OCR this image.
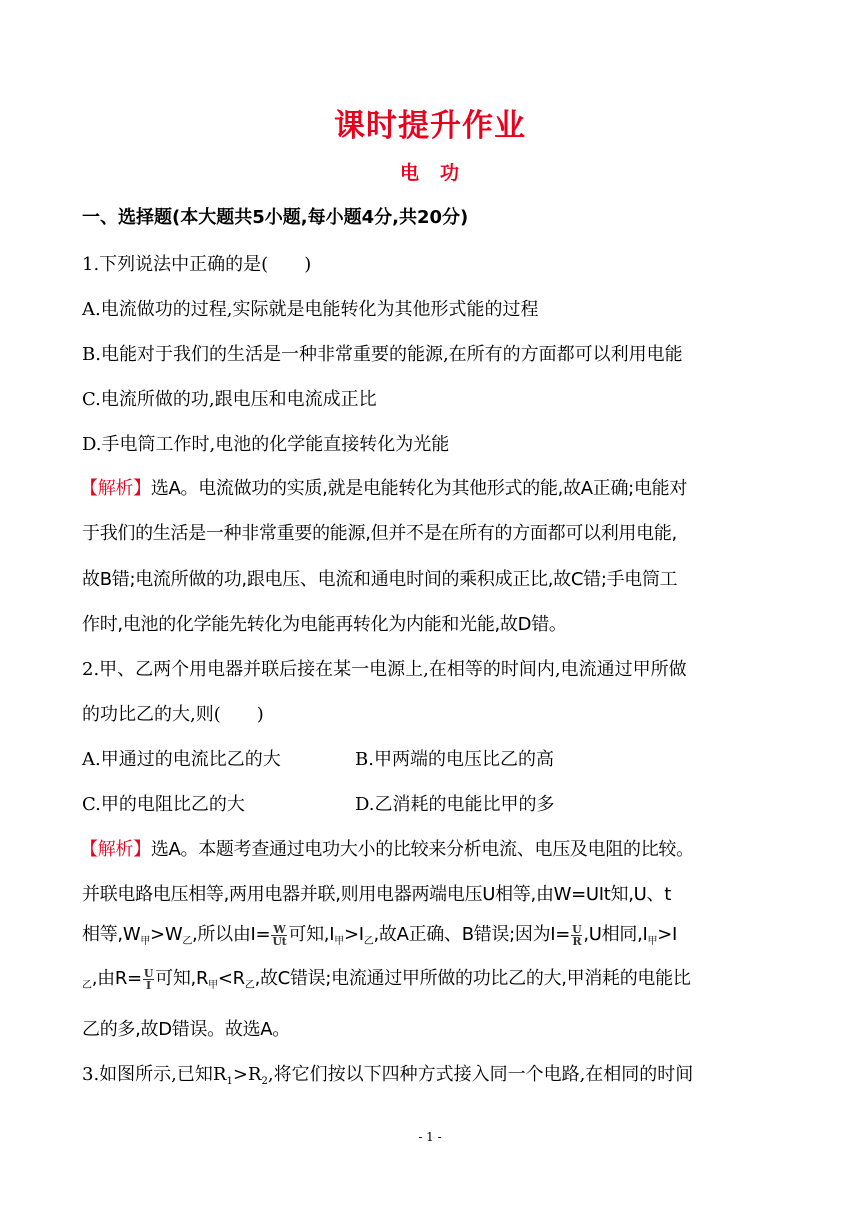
课时提升作业
电　功
一、选择题(本大题共5小题,每小题4分,共20分)
1.下列说法中正确的是(　　)
A.电流做功的过程,实际就是电能转化为其他形式能的过程
B.电能对于我们的生活是一种非常重要的能源,在所有的方面都可以利用电能
C.电流所做的功,跟电压和电流成正比
D.手电筒工作时,电池的化学能直接转化为光能
【解析】选A。电流做功的实质,就是电能转化为其他形式的能,故A正确;电能对
于我们的生活是一种非常重要的能源,但并不是在所有的方面都可以利用电能,
故B错;电流所做的功,跟电压、电流和通电时间的乘积成正比,故C错;手电筒工
作时,电池的化学能先转化为电能再转化为内能和光能,故D错。
2.甲、乙两个用电器并联后接在某一电源上,在相等的时间内,电流通过甲所做
的功比乙的大,则(　　)
A.甲通过的电流比乙的大	B.甲两端的电压比乙的高
C.甲的电阻比乙的大	D.乙消耗的电能比甲的多
【解析】选A。本题考查通过电功大小的比较来分析电流、电压及电阻的比较。
并联电路电压相等,两用电器并联,则用电器两端电压U相等,由W=UIt知,U、t
相等$,W_甲>W_乙$,所以由$I= \frac{W}{Ut}$ 可知$,I_甲>I_乙$,故A正确、B错误;因为$I= \frac{U}{R} ,U$相同$,I_甲>I$
$_乙$,由$R= \frac{U}{I}$ 可知$,R_甲<R_乙$,故C错误;电流通过甲所做的功比乙的大,甲消耗的电能比
乙的多,故D错误。故选A。
3.如图所示,已知$R_1>R_2$,将它们按以下四种方式接入同一个电路,在相同的时间
- 1 -
